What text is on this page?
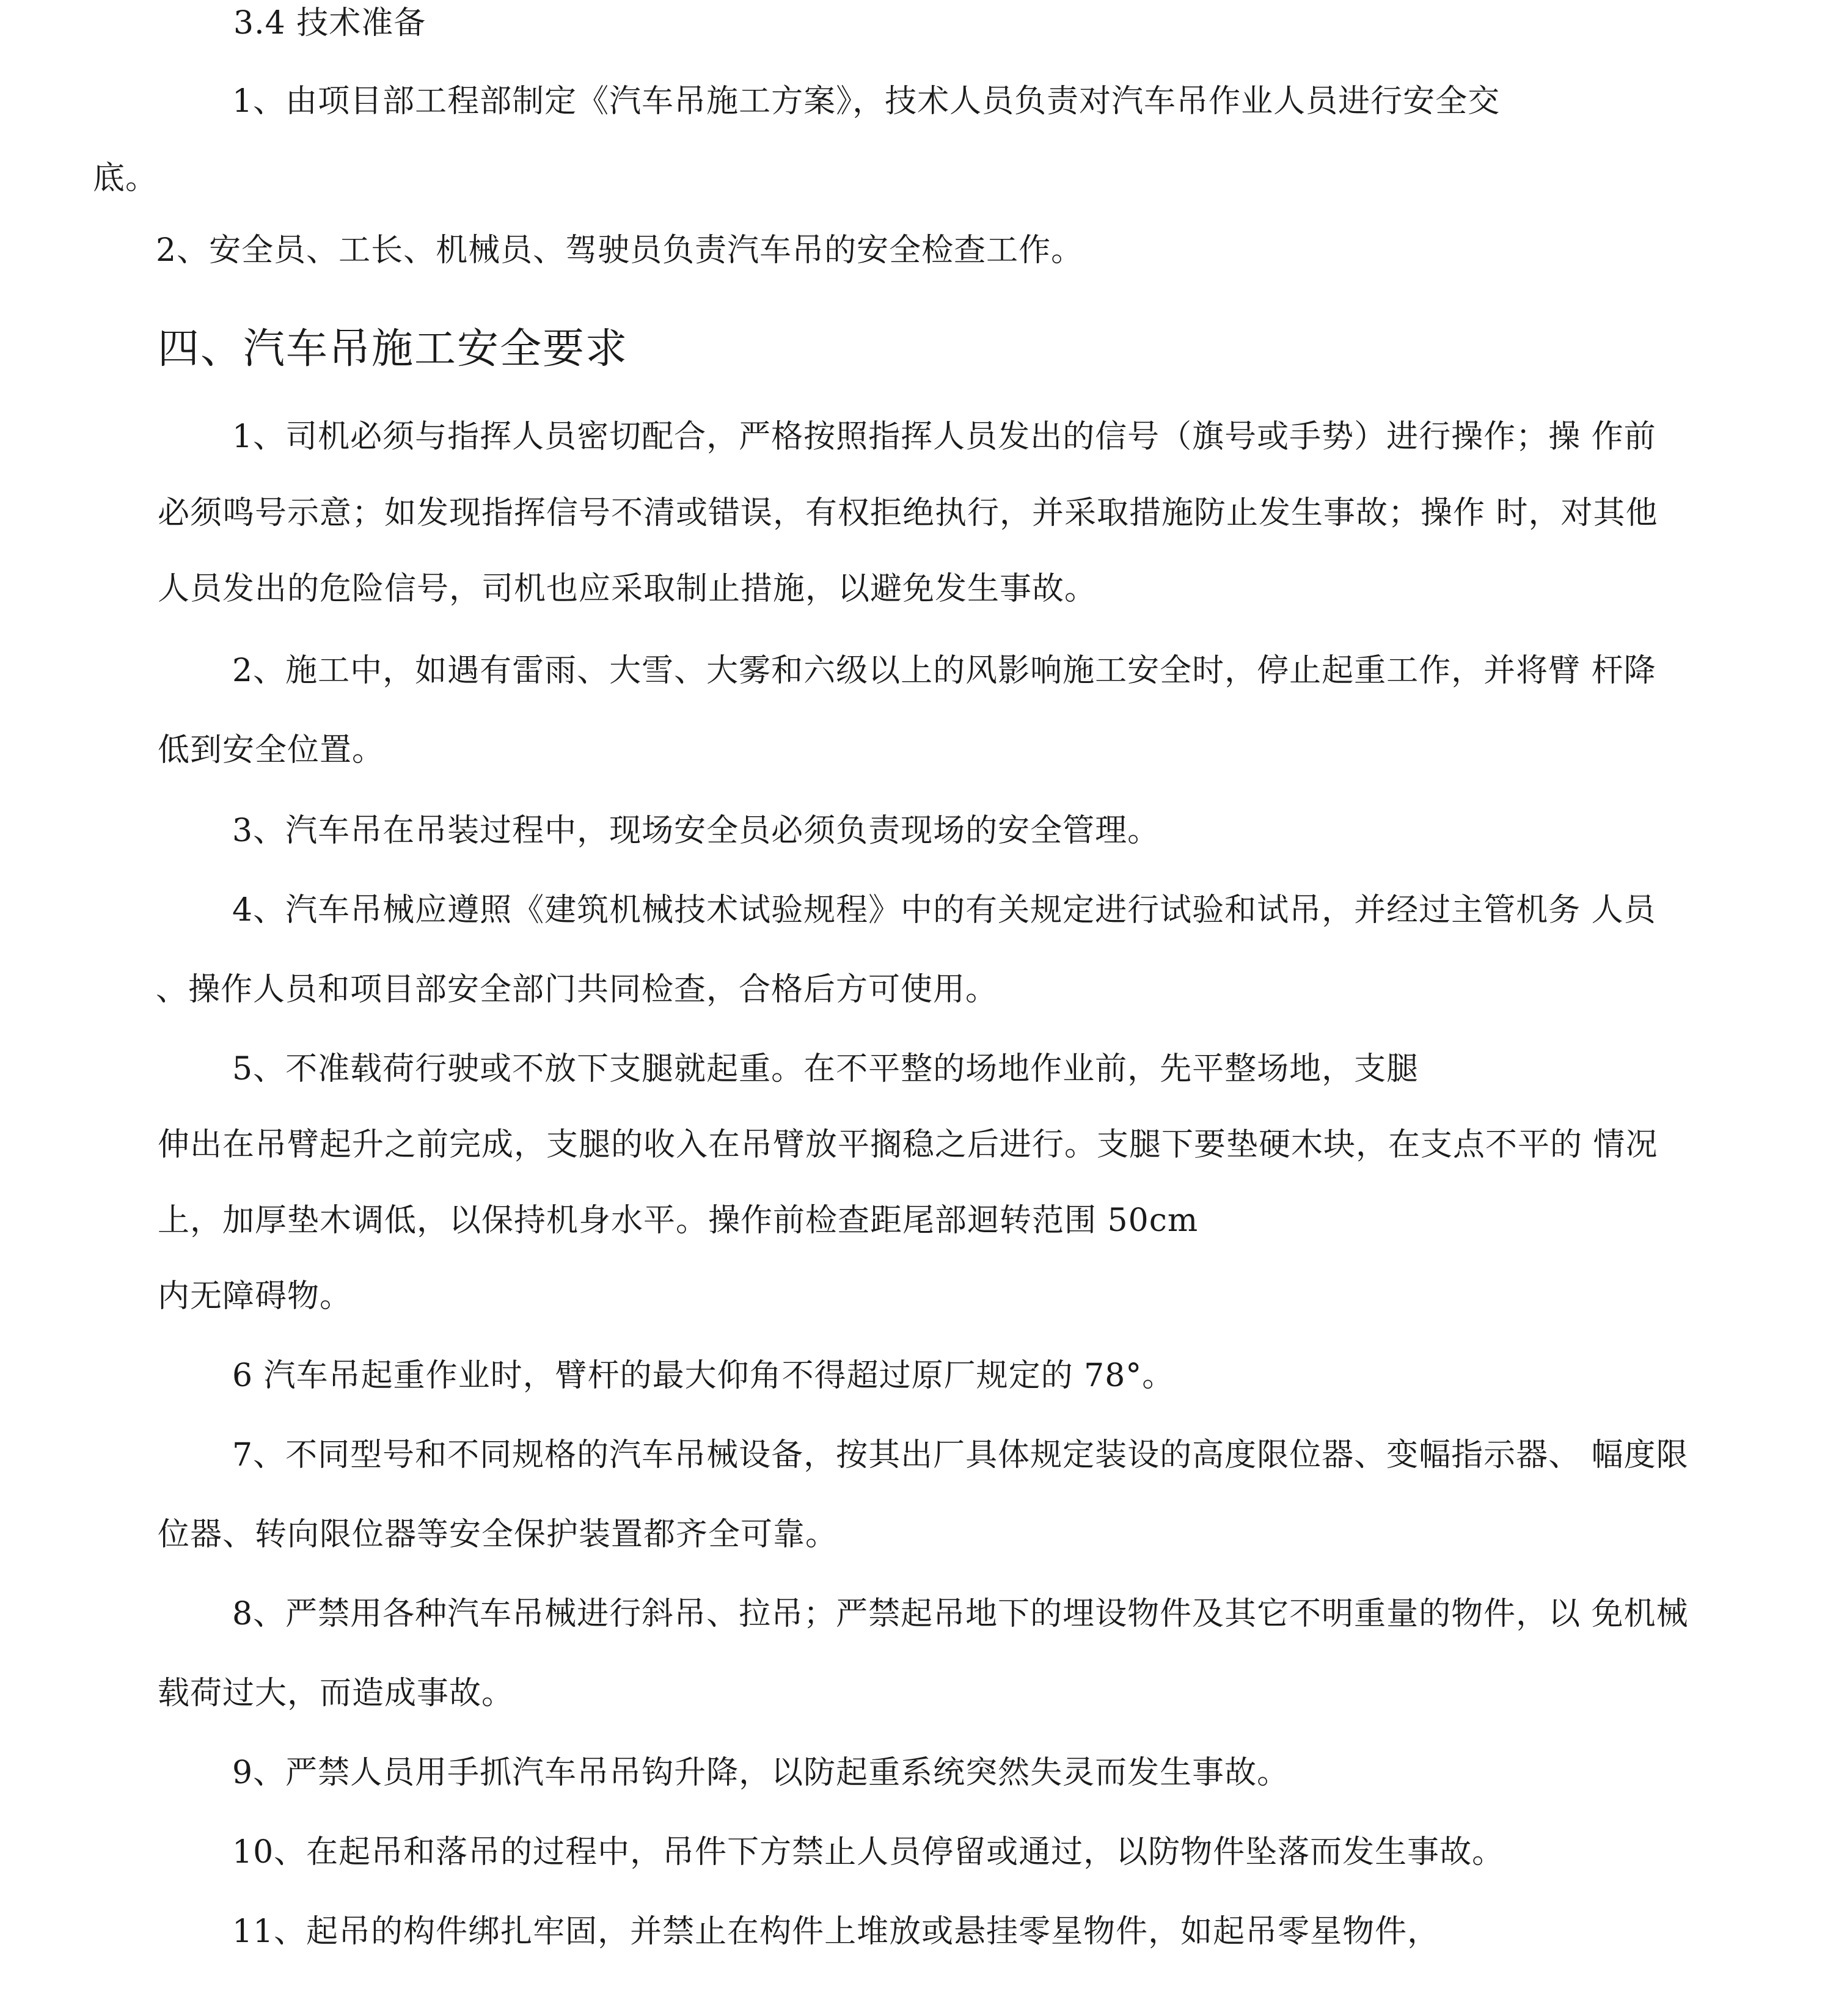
3.4 技术准备
1、由项目部工程部制定《汽车吊施工方案》，技术人员负责对汽车吊作业人员进行安全交
底。
2、安全员、工长、机械员、驾驶员负责汽车吊的安全检查工作。
四、汽车吊施工安全要求
1、司机必须与指挥人员密切配合，严格按照指挥人员发出的信号（旗号或手势）进行操作；操 作前
必须鸣号示意；如发现指挥信号不清或错误，有权拒绝执行，并采取措施防止发生事故；操作 时，对其他
人员发出的危险信号，司机也应采取制止措施，以避免发生事故。
2、施工中，如遇有雷雨、大雪、大雾和六级以上的风影响施工安全时，停止起重工作，并将臂 杆降
低到安全位置。
3、汽车吊在吊装过程中，现场安全员必须负责现场的安全管理。
4、汽车吊械应遵照《建筑机械技术试验规程》中的有关规定进行试验和试吊，并经过主管机务 人员
、操作人员和项目部安全部门共同检查，合格后方可使用。
5、不准载荷行驶或不放下支腿就起重。在不平整的场地作业前，先平整场地，支腿
伸出在吊臂起升之前完成，支腿的收入在吊臂放平搁稳之后进行。支腿下要垫硬木块，在支点不平的 情况
上，加厚垫木调低，以保持机身水平。操作前检查距尾部迴转范围 50cm
内无障碍物。
6 汽车吊起重作业时，臂杆的最大仰角不得超过原厂规定的 78°。
7、不同型号和不同规格的汽车吊械设备，按其出厂具体规定装设的高度限位器、变幅指示器、 幅度限
位器、转向限位器等安全保护装置都齐全可靠。
8、严禁用各种汽车吊械进行斜吊、拉吊；严禁起吊地下的埋设物件及其它不明重量的物件，以 免机械
载荷过大，而造成事故。
9、严禁人员用手抓汽车吊吊钩升降，以防起重系统突然失灵而发生事故。
10、在起吊和落吊的过程中，吊件下方禁止人员停留或通过，以防物件坠落而发生事故。
11、起吊的构件绑扎牢固，并禁止在构件上堆放或悬挂零星物件，如起吊零星物件，
